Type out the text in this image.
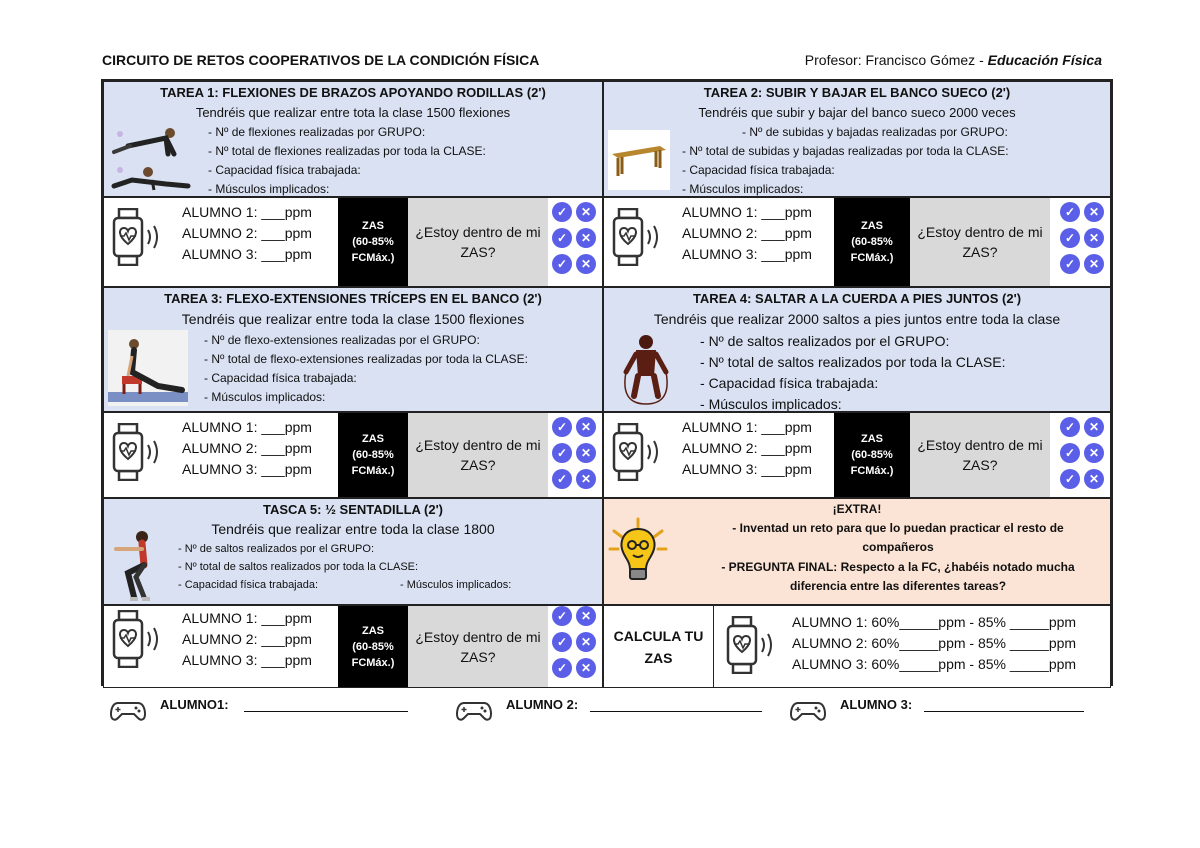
CIRCUITO DE RETOS COOPERATIVOS DE LA CONDICIÓN FÍSICA	Profesor: Francisco Gómez - Educación Física
TAREA 1: FLEXIONES DE BRAZOS APOYANDO RODILLAS (2')
Tendréis que realizar entre tota la clase 1500 flexiones
- Nº de flexiones realizadas por GRUPO:
- Nº total de flexiones realizadas por toda la CLASE:
- Capacidad física trabajada:
- Músculos implicados:
ALUMNO 1: ___ppm
ALUMNO 2: ___ppm
ALUMNO 3: ___ppm
ZAS
(60-85%
FCMáx.)
¿Estoy dentro de mi ZAS?
✓	✕
✓	✕
✓	✕
TAREA 2: SUBIR Y BAJAR EL BANCO SUECO (2')
Tendréis que subir y bajar del banco sueco 2000 veces
- Nº de subidas y bajadas realizadas por GRUPO:
- Nº total de subidas y bajadas realizadas por toda la CLASE:
- Capacidad física trabajada:
- Músculos implicados:
ALUMNO 1: ___ppm
ALUMNO 2: ___ppm
ALUMNO 3: ___ppm
ZAS
(60-85%
FCMáx.)
¿Estoy dentro de mi ZAS?
✓	✕
✓	✕
✓	✕
TAREA 3: FLEXO-EXTENSIONES TRÍCEPS EN EL BANCO (2')
Tendréis que realizar entre toda la clase 1500 flexiones
- Nº de flexo-extensiones realizadas por el GRUPO:
- Nº total de flexo-extensiones realizadas por toda la CLASE:
- Capacidad física trabajada:
- Músculos implicados:
ALUMNO 1: ___ppm
ALUMNO 2: ___ppm
ALUMNO 3: ___ppm
ZAS
(60-85%
FCMáx.)
¿Estoy dentro de mi ZAS?
✓	✕
✓	✕
✓	✕
TAREA 4: SALTAR A LA CUERDA A PIES JUNTOS (2')
Tendréis que realizar 2000 saltos a pies juntos entre toda la clase
- Nº de saltos realizados por el GRUPO:
- Nº total de saltos realizados por toda la CLASE:
- Capacidad física trabajada:
- Músculos implicados:
ALUMNO 1: ___ppm
ALUMNO 2: ___ppm
ALUMNO 3: ___ppm
ZAS
(60-85%
FCMáx.)
¿Estoy dentro de mi ZAS?
✓	✕
✓	✕
✓	✕
TASCA 5: ½ SENTADILLA (2')
Tendréis que realizar entre toda la clase 1800
- Nº de saltos realizados por el GRUPO:
- Nº total de saltos realizados por toda la CLASE:
- Capacidad física trabajada:
-	Músculos implicados:
ALUMNO 1: ___ppm
ALUMNO 2: ___ppm
ALUMNO 3: ___ppm
ZAS
(60-85%
FCMáx.)
¿Estoy dentro de mi ZAS?
✓	✕
✓	✕
✓	✕
¡EXTRA!
- Inventad un reto para que lo puedan practicar el resto de compañeros
- PREGUNTA FINAL: Respecto a la FC, ¿habéis notado mucha diferencia entre las diferentes tareas?
CALCULA TU ZAS
ALUMNO 1: 60%_____ppm - 85% _____ppm
ALUMNO 2: 60%_____ppm - 85% _____ppm
ALUMNO 3: 60%_____ppm - 85% _____ppm
ALUMNO1:	ALUMNO 2:	ALUMNO 3:
